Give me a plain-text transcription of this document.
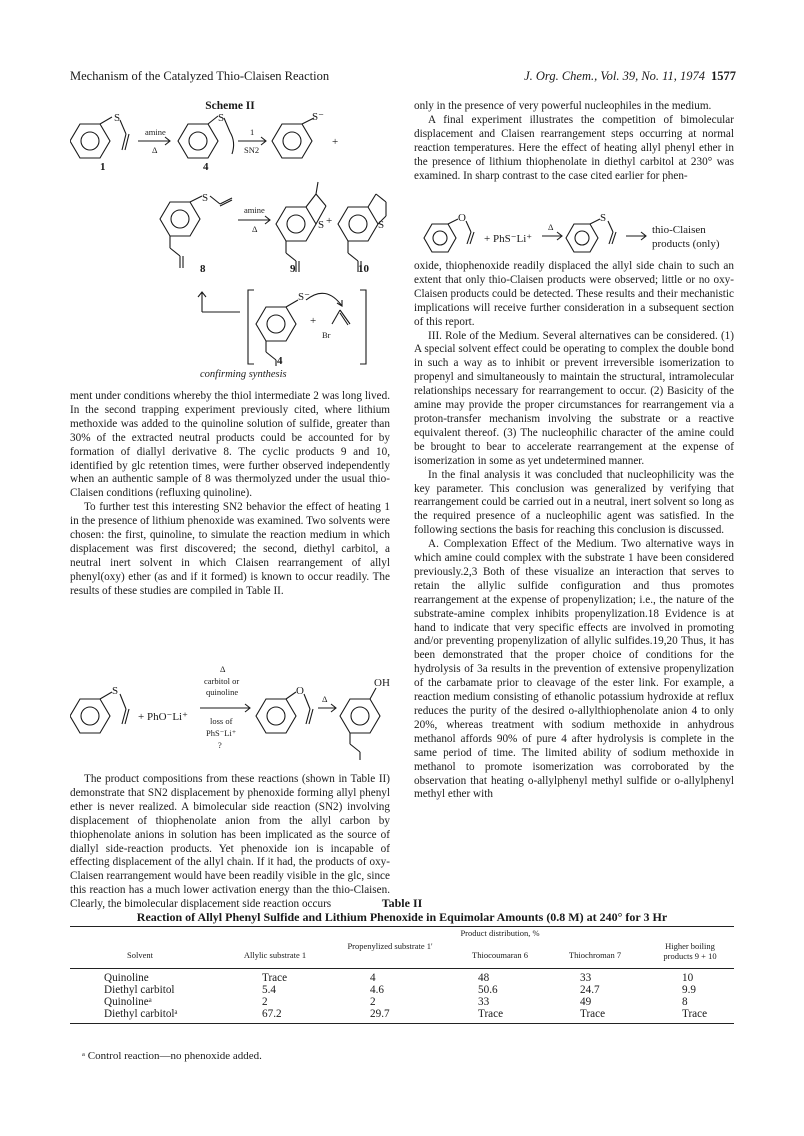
Mechanism of the Catalyzed Thio-Claisen Reaction	J. Org. Chem., Vol. 39, No. 11, 1974 1577
Scheme II
S
amine
Δ
S
1
SN2
S⁻
+
S
amine
Δ	S +	S
S⁻
+
Br
1	4
8	9	10
4
confirming synthesis

ment under conditions whereby the thiol intermediate 2 was long lived. In the second trapping experiment previously cited, where lithium methoxide was added to the quinoline solution of sulfide, greater than 30% of the extracted neutral products could be accounted for by formation of diallyl derivative 8. The cyclic products 9 and 10, identified by glc retention times, were further observed independently when an authentic sample of 8 was thermolyzed under the usual thio-Claisen conditions (refluxing quinoline).

To further test this interesting SN2 behavior the effect of heating 1 in the presence of lithium phenoxide was examined. Two solvents were chosen: the first, quinoline, to simulate the reaction medium in which displacement was first discovered; the second, diethyl carbitol, a neutral inert solvent in which Claisen rearrangement of allyl phenyl(oxy) ether (as and if it formed) is known to occur readily. The results of these studies are compiled in Table II.

S
+ PhO⁻Li⁺
Δ
carbitol or
quinoline
loss of
PhS⁻Li⁺
?
O
Δ
OH

The product compositions from these reactions (shown in Table II) demonstrate that SN2 displacement by phenoxide forming allyl phenyl ether is never realized. A bimolecular side reaction (SN2) involving displacement of thiophenolate anion from the allyl carbon by thiophenolate anions in solution has been implicated as the source of diallyl side-reaction products. Yet phenoxide ion is incapable of effecting displacement of the allyl chain. If it had, the products of oxy-Claisen rearrangement would have been readily visible in the glc, since this reaction has a much lower activation energy than the thio-Claisen. Clearly, the bimolecular displacement side reaction occurs

only in the presence of very powerful nucleophiles in the medium.

A final experiment illustrates the competition of bimolecular displacement and Claisen rearrangement steps occurring at normal reaction temperatures. Here the effect of heating allyl phenyl ether in the presence of lithium thiophenolate in diethyl carbitol at 230° was examined. In sharp contrast to the case cited earlier for phen-

O
+ PhS⁻Li⁺
Δ
S
thio-Claisen
products (only)

oxide, thiophenoxide readily displaced the allyl side chain to such an extent that only thio-Claisen products were observed; little or no oxy-Claisen products could be detected. These results and their mechanistic implications will receive further consideration in a subsequent section of this report.

III. Role of the Medium. Several alternatives can be considered. (1) A special solvent effect could be operating to complex the double bond in such a way as to inhibit or prevent irreversible isomerization to propenyl and simultaneously to maintain the structural, intramolecular relationships necessary for rearrangement to occur. (2) Basicity of the amine may provide the proper circumstances for rearrangement via a proton-transfer mechanism involving the substrate or a reactive equivalent thereof. (3) The nucleophilic character of the amine could be brought to bear to accelerate rearrangement at the expense of isomerization in some as yet undetermined manner.

In the final analysis it was concluded that nucleophilicity was the key parameter. This conclusion was generalized by verifying that rearrangement could be carried out in a neutral, inert solvent so long as the required presence of a nucleophilic agent was satisfied. In the following sections the basis for reaching this conclusion is discussed.

A. Complexation Effect of the Medium. Two alternative ways in which amine could complex with the substrate 1 have been considered previously.2,3 Both of these visualize an interaction that serves to retain the allylic sulfide configuration and thus promotes rearrangement at the expense of propenylization; i.e., the nature of the substrate-amine complex inhibits propenylization.18 Evidence is at hand to indicate that very specific effects are involved in promoting and/or preventing propenylization of allylic sulfides.19,20 Thus, it has been demonstrated that the proper choice of conditions for the hydrolysis of 3a results in the prevention of extensive propenylization of the carbamate prior to cleavage of the ester link. For example, a reaction medium consisting of ethanolic potassium hydroxide at reflux reduces the purity of the desired o-allylthiophenolate anion 4 to only 20%, whereas treatment with sodium methoxide in anhydrous methanol affords 90% of pure 4 after hydrolysis is complete in the same period of time. The limited ability of sodium methoxide in methanol to promote isomerization was corroborated by the observation that heating o-allylphenyl methyl sulfide or o-allylphenyl methyl ether with

Table II
Reaction of Allyl Phenyl Sulfide and Lithium Phenoxide in Equimolar Amounts (0.8 M) at 240° for 3 Hr
Product distribution, %
Solvent	Allylic substrate 1
Propenylized substrate 1'
Thiocoumaran 6	Thiochroman 7
Higher boiling products 9 + 10
Quinoline	Trace	4	48	33	10
Diethyl carbitol	5.4	4.6	50.6	24.7	9.9
Quinolineᵃ	2	2	33	49	8
Diethyl carbitolᵃ	67.2	29.7	Trace	Trace	Trace
ᵃ Control reaction—no phenoxide added.
